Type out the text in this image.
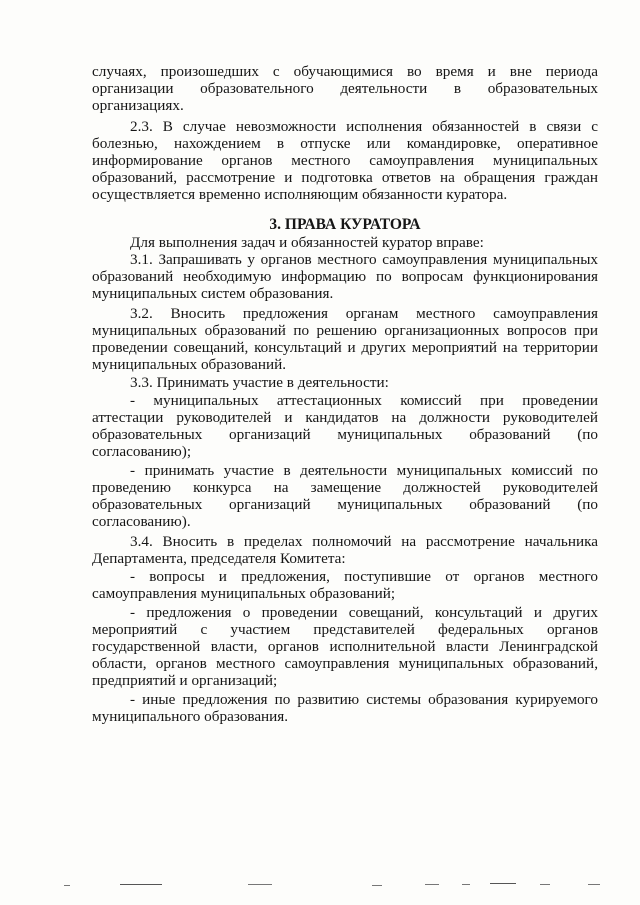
случаях, произошедших с обучающимися во время и вне периода
организации образовательного деятельности в образовательных
организациях.
2.3. В случае невозможности исполнения обязанностей в связи с
болезнью, нахождением в отпуске или командировке, оперативное
информирование органов местного самоуправления муниципальных
образований, рассмотрение и подготовка ответов на обращения граждан
осуществляется временно исполняющим обязанности куратора.
3. ПРАВА КУРАТОРА
Для выполнения задач и обязанностей куратор вправе:
3.1. Запрашивать у органов местного самоуправления муниципальных
образований необходимую информацию по вопросам функционирования
муниципальных систем образования.
3.2. Вносить предложения органам местного самоуправления
муниципальных образований по решению организационных вопросов при
проведении совещаний, консультаций и других мероприятий на территории
муниципальных образований.
3.3. Принимать участие в деятельности:
- муниципальных аттестационных комиссий при проведении
аттестации руководителей и кандидатов на должности руководителей
образовательных организаций муниципальных образований (по
согласованию);
- принимать участие в деятельности муниципальных комиссий по
проведению конкурса на замещение должностей руководителей
образовательных организаций муниципальных образований (по
согласованию).
3.4. Вносить в пределах полномочий на рассмотрение начальника
Департамента, председателя Комитета:
- вопросы и предложения, поступившие от органов местного
самоуправления муниципальных образований;
- предложения о проведении совещаний, консультаций и других
мероприятий с участием представителей федеральных органов
государственной власти, органов исполнительной власти Ленинградской
области, органов местного самоуправления муниципальных образований,
предприятий и организаций;
- иные предложения по развитию системы образования курируемого
муниципального образования.
